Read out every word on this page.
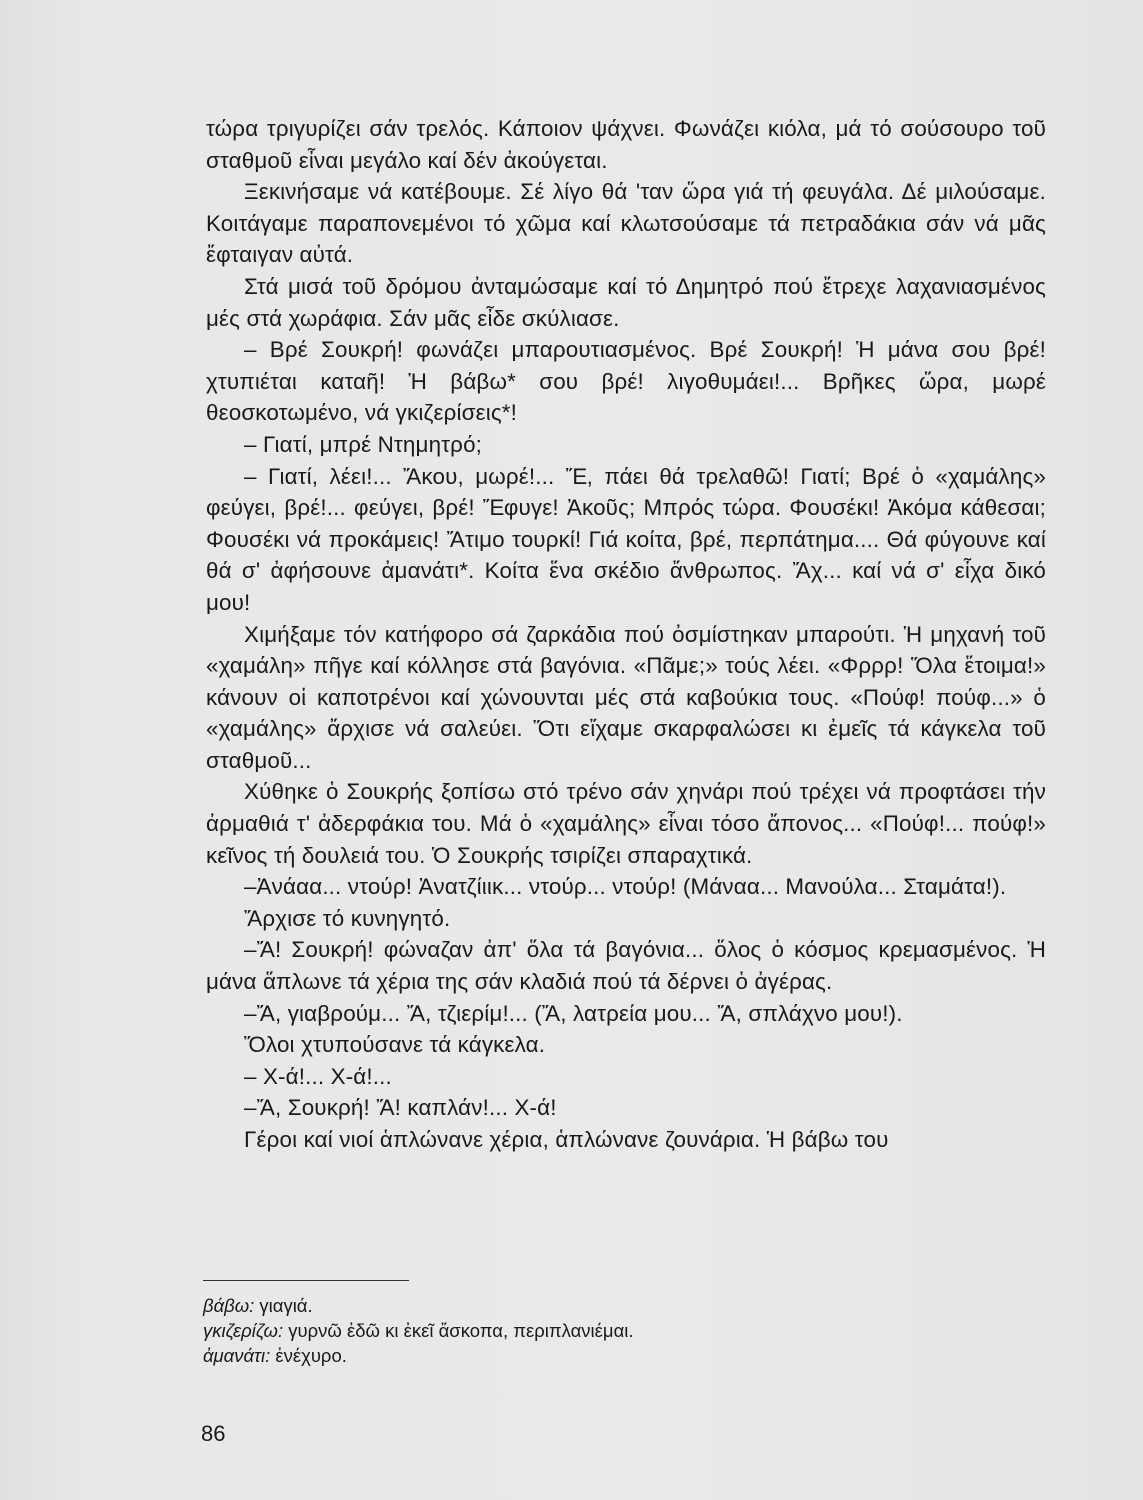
τώρα τριγυρίζει σάν τρελός. Κάποιον ψάχνει. Φωνάζει κιόλα, μά τό σούσουρο τοῦ σταθμοῦ εἶναι μεγάλο καί δέν ἀκούγεται.

Ξεκινήσαμε νά κατέβουμε. Σέ λίγο θά 'ταν ὥρα γιά τή φευγάλα. Δέ μιλούσαμε. Κοιτάγαμε παραπονεμένοι τό χῶμα καί κλωτσούσαμε τά πετραδάκια σάν νά μᾶς ἔφταιγαν αὐτά.

Στά μισά τοῦ δρόμου ἀνταμώσαμε καί τό Δημητρό πού ἔτρεχε λαχανιασμένος μές στά χωράφια. Σάν μᾶς εἶδε σκύλιασε.

– Βρέ Σουκρή! φωνάζει μπαρουτιασμένος. Βρέ Σουκρή! Ἡ μάνα σου βρέ! χτυπιέται καταῆ! Ἡ βάβω* σου βρέ! λιγοθυμάει!... Βρῆκες ὥρα, μωρέ θεοσκοτωμένο, νά γκιζερίσεις*!

– Γιατί, μπρέ Ντημητρό;

– Γιατί, λέει!... Ἄκου, μωρέ!... Ἔ, πάει θά τρελαθῶ! Γιατί; Βρέ ὁ «χαμάλης» φεύγει, βρέ!... φεύγει, βρέ! Ἔφυγε! Ἀκοῦς; Μπρός τώρα. Φουσέκι! Ἀκόμα κάθεσαι; Φουσέκι νά προκάμεις! Ἄτιμο τουρκί! Γιά κοίτα, βρέ, περπάτημα.... Θά φύγουνε καί θά σ' ἀφήσουνε ἀμανάτι*. Κοίτα ἕνα σκέδιο ἄνθρωπος. Ἄχ... καί νά σ' εἶχα δικό μου!

Χιμήξαμε τόν κατήφορο σά ζαρκάδια πού ὀσμίστηκαν μπαρούτι. Ἡ μηχανή τοῦ «χαμάλη» πῆγε καί κόλλησε στά βαγόνια. «Πᾶμε;» τούς λέει. «Φρρρ! Ὅλα ἕτοιμα!» κάνουν οἱ καποτρένοι καί χώνουνται μές στά καβούκια τους. «Πούφ! πούφ...» ὁ «χαμάλης» ἄρχισε νά σαλεύει. Ὅτι εἴχαμε σκαρφαλώσει κι ἐμεῖς τά κάγκελα τοῦ σταθμοῦ...

Χύθηκε ὁ Σουκρής ξοπίσω στό τρένο σάν χηνάρι πού τρέχει νά προφτάσει τήν ἀρμαθιά τ' ἀδερφάκια του. Μά ὁ «χαμάλης» εἶναι τόσο ἄπονος... «Πούφ!... πούφ!» κεῖνος τή δουλειά του. Ὁ Σουκρής τσιρίζει σπαραχτικά.

–Ἀνάαα... ντούρ! Ἀνατζίιικ... ντούρ... ντούρ! (Μάναα... Μανούλα... Σταμάτα!).

Ἄρχισε τό κυνηγητό.

–Ἄ! Σουκρή! φώναζαν ἀπ' ὅλα τά βαγόνια... ὅλος ὁ κόσμος κρεμασμένος. Ἡ μάνα ἅπλωνε τά χέρια της σάν κλαδιά πού τά δέρνει ὁ ἀγέρας.

–Ἄ, γιαβρούμ... Ἄ, τζιερίμ!... (Ἄ, λατρεία μου... Ἄ, σπλάχνο μου!).

Ὅλοι χτυπούσανε τά κάγκελα.

– Χ-ά!... Χ-ά!...

–Ἄ, Σουκρή! Ἄ! καπλάν!... Χ-ά!

Γέροι καί νιοί ἁπλώνανε χέρια, ἁπλώνανε ζουνάρια. Ἡ βάβω του

βάβω: γιαγιά.

γκιζερίζω: γυρνῶ ἐδῶ κι ἐκεῖ ἄσκοπα, περιπλανιέμαι.

ἀμανάτι: ἐνέχυρο.

86
